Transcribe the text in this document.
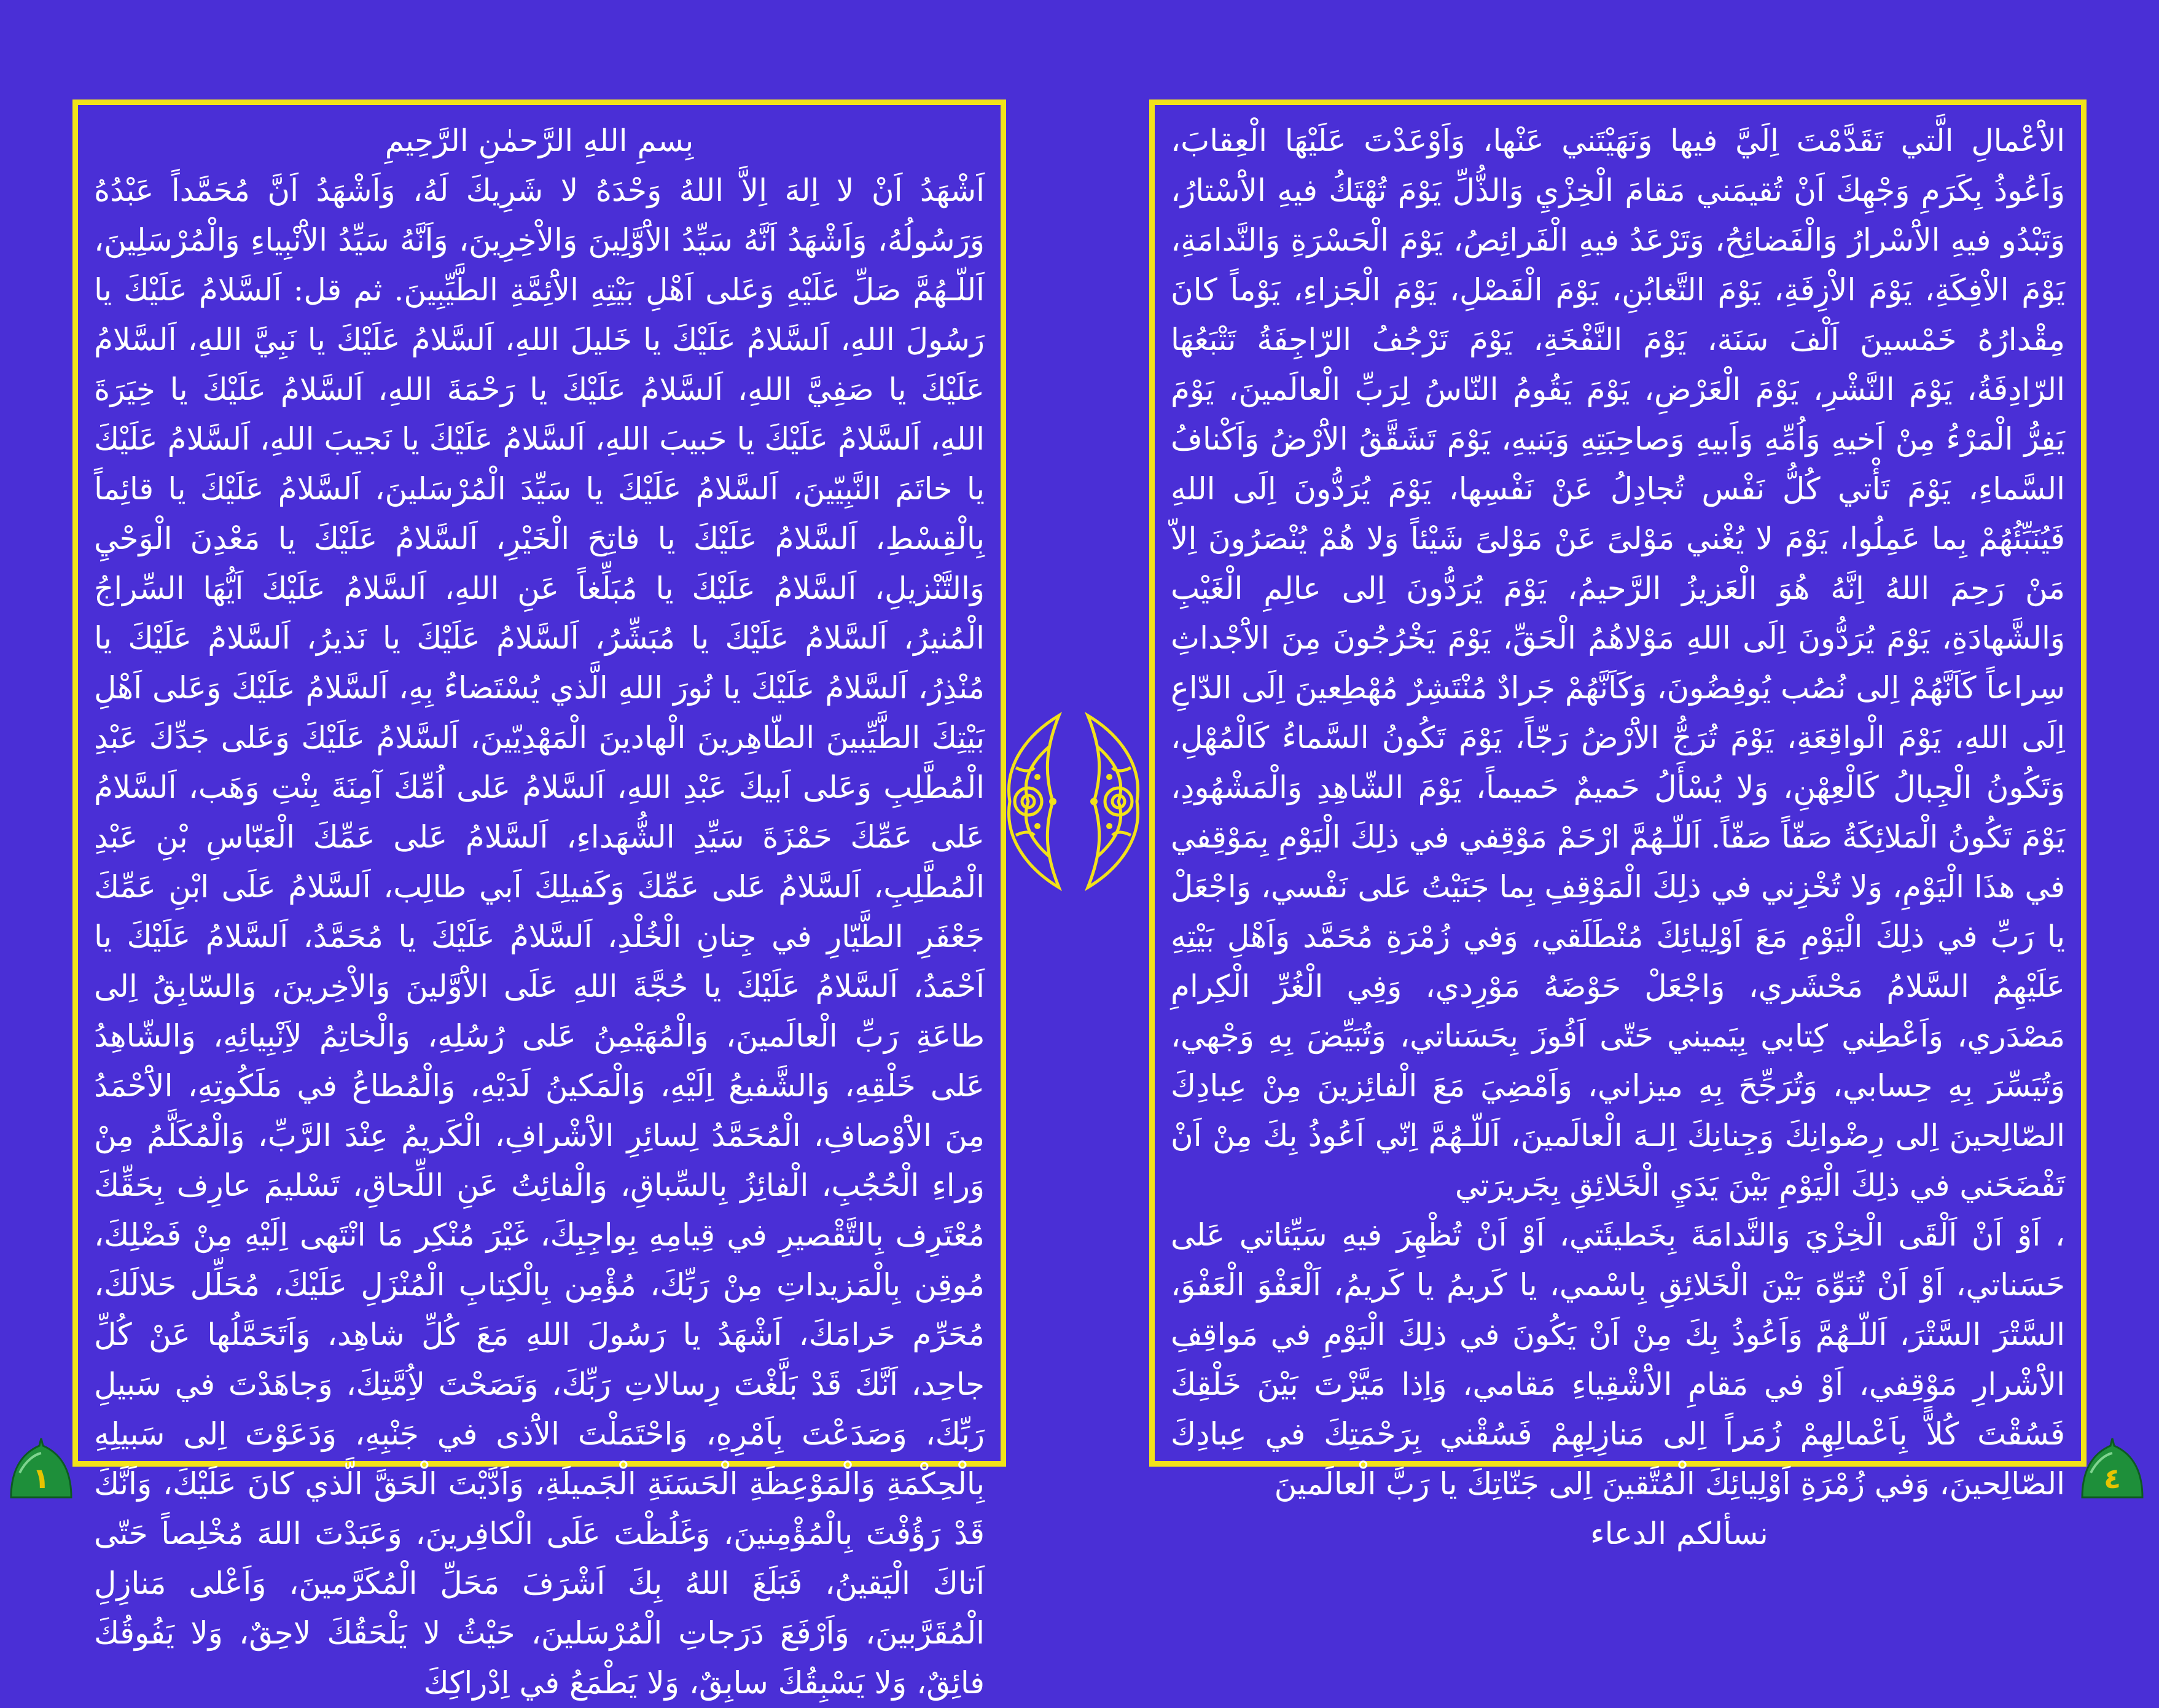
بِسمِ اللهِ الرَّحمٰنِ الرَّحِيمِ

اَشْهَدُ اَنْ لا اِلهَ اِلاَّ اللهُ وَحْدَهُ لا شَرِيكَ لَهُ، وَاَشْهَدُ اَنَّ مُحَمَّداً عَبْدُهُ وَرَسُولُهُ، وَاَشْهَدُ اَنَّهُ سَيِّدُ الاَْوَّلِينَ وَالاْخِرِينَ، وَاَنَّهُ سَيِّدُ الاَْنْبِياءِ وَالْمُرْسَلِينَ، اَللّـهُمَّ صَلِّ عَلَيْهِ وَعَلى اَهْلِ بَيْتِهِ الاَْئِمَّةِ الطَّيِّبِينَ. ثم قل: اَلسَّلامُ عَلَيْكَ يا رَسُولَ اللهِ، اَلسَّلامُ عَلَيْكَ يا خَليلَ اللهِ، اَلسَّلامُ عَلَيْكَ يا نَبِيَّ اللهِ، اَلسَّلامُ عَلَيْكَ يا صَفِيَّ اللهِ، اَلسَّلامُ عَلَيْكَ يا رَحْمَةَ اللهِ، اَلسَّلامُ عَلَيْكَ يا خِيَرَةَ اللهِ، اَلسَّلامُ عَلَيْكَ يا حَبيبَ اللهِ، اَلسَّلامُ عَلَيْكَ يا نَجيبَ اللهِ، اَلسَّلامُ عَلَيْكَ يا خاتَمَ النَّبِيّينَ، اَلسَّلامُ عَلَيْكَ يا سَيِّدَ الْمُرْسَلينَ، اَلسَّلامُ عَلَيْكَ يا قائِماً بِالْقِسْطِ، اَلسَّلامُ عَلَيْكَ يا فاتِحَ الْخَيْرِ، اَلسَّلامُ عَلَيْكَ يا مَعْدِنَ الْوَحْيِ وَالتَّنْزيلِ، اَلسَّلامُ عَلَيْكَ يا مُبَلِّغاً عَنِ اللهِ، اَلسَّلامُ عَلَيْكَ اَيُّهَا السِّراجُ الْمُنيرُ، اَلسَّلامُ عَلَيْكَ يا مُبَشِّرُ، اَلسَّلامُ عَلَيْكَ يا نَذيرُ، اَلسَّلامُ عَلَيْكَ يا مُنْذِرُ، اَلسَّلامُ عَلَيْكَ يا نُورَ اللهِ الَّذي يُسْتَضاءُ بِهِ، اَلسَّلامُ عَلَيْكَ وَعَلى اَهْلِ بَيْتِكَ الطَّيِّبينَ الطّاهِرينَ الْهادينَ الْمَهْدِيّينَ، اَلسَّلامُ عَلَيْكَ وَعَلى جَدِّكَ عَبْدِ الْمُطَّلِبِ وَعَلى اَبيكَ عَبْدِ اللهِ، اَلسَّلامُ عَلى اُمِّكَ آمِنَةَ بِنْتِ وَهَب، اَلسَّلامُ عَلى عَمِّكَ حَمْزَةَ سَيِّدِ الشُّهَداءِ، اَلسَّلامُ عَلى عَمِّكَ الْعَبّاسِ بْنِ عَبْدِ الْمُطَّلِبِ، اَلسَّلامُ عَلى عَمِّكَ وَكَفيلِكَ اَبي طالِب، اَلسَّلامُ عَلَى ابْنِ عَمِّكَ جَعْفَرِ الطَّيّارِ في جِنانِ الْخُلْدِ، اَلسَّلامُ عَلَيْكَ يا مُحَمَّدُ، اَلسَّلامُ عَلَيْكَ يا اَحْمَدُ، اَلسَّلامُ عَلَيْكَ يا حُجَّةَ اللهِ عَلَى الاَْوَّلينَ وَالاْخِرينَ، وَالسّابِقُ اِلى طاعَةِ رَبِّ الْعالَمينَ، وَالْمُهَيْمِنُ عَلى رُسُلِهِ، وَالْخاتِمُ لاَِنْبِيائِهِ، وَالشّاهِدُ عَلى خَلْقِهِ، وَالشَّفيعُ اِلَيْهِ، وَالْمَكينُ لَدَيْهِ، وَالْمُطاعُ في مَلَكُوتِهِ، الاَْحْمَدُ مِنَ الاَْوْصافِ، الْمُحَمَّدُ لِسائِرِ الاَْشْرافِ، الْكَريمُ عِنْدَ الرَّبِّ، وَالْمُكَلَّمُ مِنْ وَراءِ الْحُجُبِ، الْفائِزُ بِالسِّباقِ، وَالْفائِتُ عَنِ اللِّحاقِ، تَسْليمَ عارِف بِحَقِّكَ مُعْتَرِف بِالتَّقْصيرِ في قِيامِهِ بِواجِبِكَ، غَيْرَ مُنْكِر مَا انْتَهى اِلَيْهِ مِنْ فَضْلِكَ، مُوقِن بِالْمَزيداتِ مِنْ رَبِّكَ، مُؤْمِن بِالْكِتابِ الْمُنْزَلِ عَلَيْكَ، مُحَلِّل حَلالَكَ، مُحَرِّم حَرامَكَ، اَشْهَدُ يا رَسُولَ اللهِ مَعَ كُلِّ شاهِد، وَاَتَحَمَّلُها عَنْ كُلِّ جاحِد، اَنَّكَ قَدْ بَلَّغْتَ رِسالاتِ رَبِّكَ، وَنَصَحْتَ لاُِمَّتِكَ، وَجاهَدْتَ في سَبيلِ رَبِّكَ، وَصَدَعْتَ بِاَمْرِهِ، وَاحْتَمَلْتَ الاَْذى في جَنْبِهِ، وَدَعَوْتَ اِلى سَبيلِهِ بِالْحِكْمَةِ وَالْمَوْعِظَةِ الْحَسَنَةِ الْجَميلَةِ، وَاَدَّيْتَ الْحَقَّ الَّذي كانَ عَلَيْكَ، وَاَنَّكَ قَدْ رَؤُفْتَ بِالْمُؤْمِنينَ، وَغَلُظْتَ عَلَى الْكافِرينَ، وَعَبَدْتَ اللهَ مُخْلِصاً حَتّى اَتاكَ الْيَقينُ، فَبَلَغَ اللهُ بِكَ اَشْرَفَ مَحَلِّ الْمُكَرَّمينَ، وَاَعْلى مَنازِلِ الْمُقَرَّبينَ، وَاَرْفَعَ دَرَجاتِ الْمُرْسَلينَ، حَيْثُ لا يَلْحَقُكَ لاحِقٌ، وَلا يَفُوقُكَ فائِقٌ، وَلا يَسْبِقُكَ سابِقٌ، وَلا يَطْمَعُ في اِدْراكِكَ

الاَْعْمالِ الَّتي تَقَدَّمْتَ اِلَيَّ فيها وَنَهَيْتَني عَنْها، وَاَوْعَدْتَ عَلَيْهَا الْعِقابَ، وَاَعُوذُ بِكَرَمِ وَجْهِكَ اَنْ تُقيمَني مَقامَ الْخِزْيِ وَالذُّلِّ يَوْمَ تُهْتَكُ فيهِ الاَْسْتارُ، وَتَبْدُو فيهِ الاَْسْرارُ وَالْفَضائِحُ، وَتَرْعَدُ فيهِ الْفَرائِصُ، يَوْمَ الْحَسْرَةِ وَالنَّدامَةِ، يَوْمَ الاْفِكَةِ، يَوْمَ الاْزِفَةِ، يَوْمَ التَّغابُنِ، يَوْمَ الْفَصْلِ، يَوْمَ الْجَزاءِ، يَوْماً كانَ مِقْدارُهُ خَمْسينَ اَلْفَ سَنَة، يَوْمَ النَّفْخَةِ، يَوْمَ تَرْجُفُ الرّاجِفَةُ تَتْبَعُهَا الرّادِفَةُ، يَوْمَ النَّشْرِ، يَوْمَ الْعَرْضِ، يَوْمَ يَقُومُ النّاسُ لِرَبِّ الْعالَمينَ، يَوْمَ يَفِرُّ الْمَرْءُ مِنْ اَخيهِ وَاُمِّهِ وَاَبيهِ وَصاحِبَتِهِ وَبَنيهِ، يَوْمَ تَشَقَّقُ الاَْرْضُ وَاَكْنافُ السَّماءِ، يَوْمَ تَأْتي كُلُّ نَفْس تُجادِلُ عَنْ نَفْسِها، يَوْمَ يُرَدُّونَ اِلَى اللهِ فَيُنَبِّئُهُمْ بِما عَمِلُوا، يَوْمَ لا يُغْني مَوْلىً عَنْ مَوْلىً شَيْئاً وَلا هُمْ يُنْصَرُونَ اِلاّ مَنْ رَحِمَ اللهُ اِنَّهُ هُوَ الْعَزيزُ الرَّحيمُ، يَوْمَ يُرَدُّونَ اِلى عالِمِ الْغَيْبِ وَالشَّهادَةِ، يَوْمَ يُرَدُّونَ اِلَى اللهِ مَوْلاهُمُ الْحَقِّ، يَوْمَ يَخْرُجُونَ مِنَ الاَْجْداثِ سِراعاً كَاَنَّهُمْ اِلى نُصُب يُوفِضُونَ، وَكَاَنَّهُمْ جَرادٌ مُنْتَشِرٌ مُهْطِعينَ اِلَى الدّاعِ اِلَى اللهِ، يَوْمَ الْواقِعَةِ، يَوْمَ تُرَجُّ الاَْرْضُ رَجّاً، يَوْمَ تَكُونُ السَّماءُ كَالْمُهْلِ، وَتَكُونُ الْجِبالُ كَالْعِهْنِ، وَلا يُسْأَلُ حَميمٌ حَميماً، يَوْمَ الشّاهِدِ وَالْمَشْهُودِ، يَوْمَ تَكُونُ الْمَلائِكَةُ صَفّاً صَفّاً. اَللّـهُمَّ ارْحَمْ مَوْقِفي في ذلِكَ الْيَوْمِ بِمَوْقِفي في هذَا الْيَوْمِ، وَلا تُخْزِني في ذلِكَ الْمَوْقِفِ بِما جَنَيْتُ عَلى نَفْسي، وَاجْعَلْ يا رَبِّ في ذلِكَ الْيَوْمِ مَعَ اَوْلِيائِكَ مُنْطَلَقي، وَفي زُمْرَةِ مُحَمَّد وَاَهْلِ بَيْتِهِ عَلَيْهِمُ السَّلامُ مَحْشَري، وَاجْعَلْ حَوْضَهُ مَوْرِدي، وَفِي الْغُرِّ الْكِرامِ مَصْدَري، وَاَعْطِني كِتابي بِيَميني حَتّى اَفُوزَ بِحَسَناتي، وَتُبَيِّضَ بِهِ وَجْهي، وَتُيَسِّرَ بِهِ حِسابي، وَتُرَجِّحَ بِهِ ميزاني، وَاَمْضِيَ مَعَ الْفائِزينَ مِنْ عِبادِكَ الصّالِحينَ اِلى رِضْوانِكَ وَجِنانِكَ اِلـهَ الْعالَمينَ، اَللّـهُمَّ اِنّي اَعُوذُ بِكَ مِنْ اَنْ تَفْضَحَني في ذلِكَ الْيَوْمِ بَيْنَ يَدَيِ الْخَلائِقِ بِجَريرَتي

، اَوْ اَنْ اَلْقَى الْخِزْيَ وَالنَّدامَةَ بِخَطيئَتي، اَوْ اَنْ تُظْهِرَ فيهِ سَيِّئاتي عَلى حَسَناتي، اَوْ اَنْ تُنَوِّهَ بَيْنَ الْخَلائِقِ بِاسْمي، يا كَريمُ يا كَريمُ، اَلْعَفْوَ الْعَفْوَ، السَّتْرَ السَّتْرَ، اَللّـهُمَّ وَاَعُوذُ بِكَ مِنْ اَنْ يَكُونَ في ذلِكَ الْيَوْمِ في مَواقِفِ الاَْشْرارِ مَوْقِفي، اَوْ في مَقامِ الاَْشْقِياءِ مَقامي، وَاِذا مَيَّزْتَ بَيْنَ خَلْقِكَ فَسُقْتَ كُلاًّ بِاَعْمالِهِمْ زُمَراً اِلى مَنازِلِهِمْ فَسُقْني بِرَحْمَتِكَ في عِبادِكَ الصّالِحينَ، وَفي زُمْرَةِ اَوْلِيائِكَ الْمُتَّقينَ اِلى جَنّاتِكَ يا رَبَّ الْعالَمينَ

نسألكم الدعاء

١	٤
